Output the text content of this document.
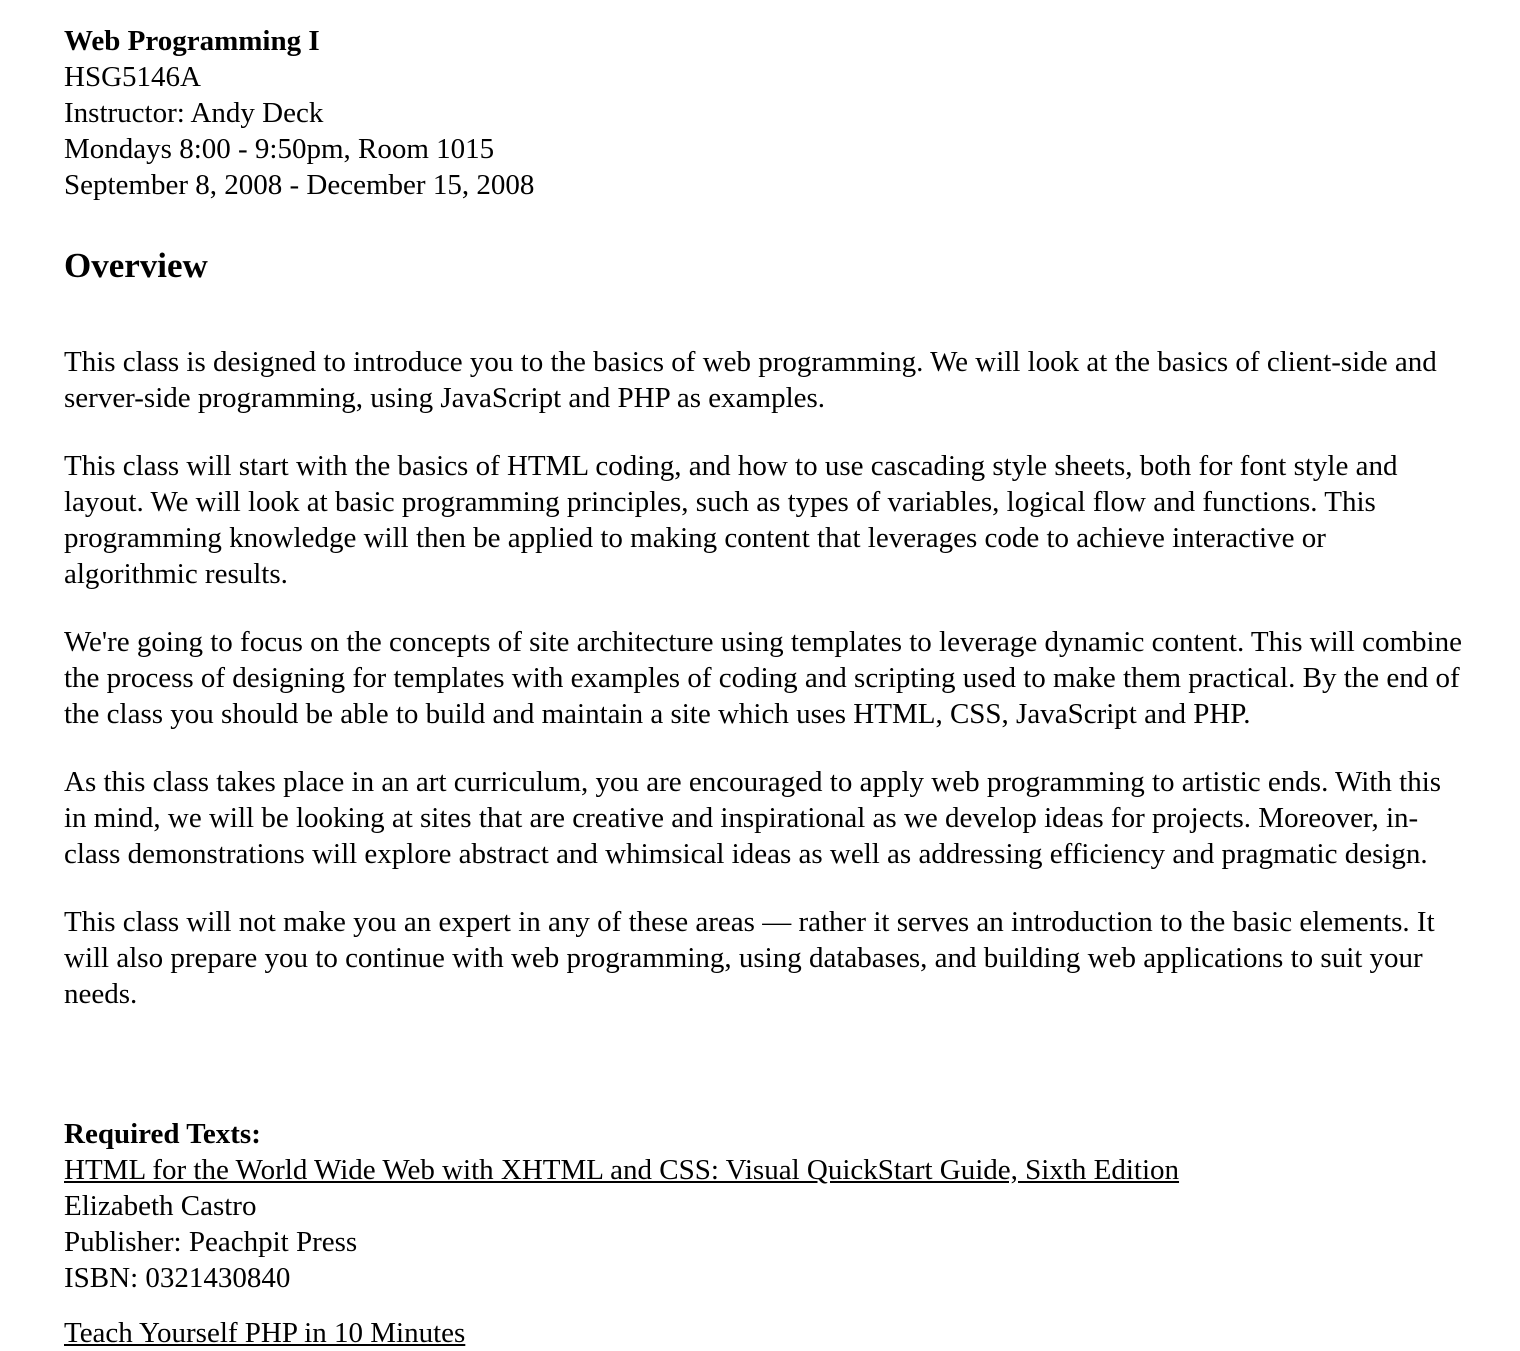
Web Programming I
HSG5146A
Instructor: Andy Deck
Mondays 8:00 - 9:50pm, Room 1015
September 8, 2008 - December 15, 2008
Overview

This class is designed to introduce you to the basics of web programming. We will look at the basics of client-side and server-side programming, using JavaScript and PHP as examples.

This class will start with the basics of HTML coding, and how to use cascading style sheets, both for font style and layout. We will look at basic programming principles, such as types of variables, logical flow and functions. This programming knowledge will then be applied to making content that leverages code to achieve interactive or algorithmic results.

We're going to focus on the concepts of site architecture using templates to leverage dynamic content. This will combine the process of designing for templates with examples of coding and scripting used to make them practical. By the end of the class you should be able to build and maintain a site which uses HTML, CSS, JavaScript and PHP.

As this class takes place in an art curriculum, you are encouraged to apply web programming to artistic ends. With this in mind, we will be looking at sites that are creative and inspirational as we develop ideas for projects. Moreover, in-class demonstrations will explore abstract and whimsical ideas as well as addressing efficiency and pragmatic design.

This class will not make you an expert in any of these areas — rather it serves an introduction to the basic elements. It will also prepare you to continue with web programming, using databases, and building web applications to suit your needs.

Required Texts:
HTML for the World Wide Web with XHTML and CSS: Visual QuickStart Guide, Sixth Edition
Elizabeth Castro
Publisher: Peachpit Press
ISBN: 0321430840
Teach Yourself PHP in 10 Minutes
